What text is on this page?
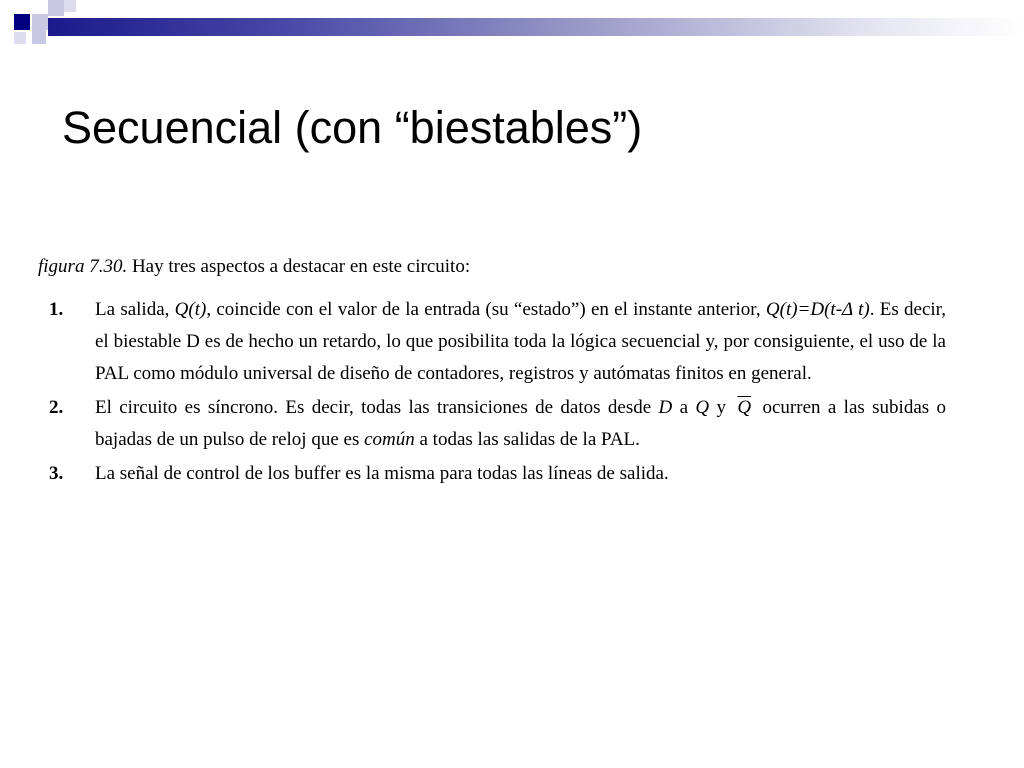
Secuencial (con “biestables”)

figura 7.30. Hay tres aspectos a destacar en este circuito:

1. La salida, Q(t), coincide con el valor de la entrada (su “estado”) en el instante anterior, Q(t)=D(t-Δ t). Es decir, el biestable D es de hecho un retardo, lo que posibilita toda la lógica secuencial y, por consiguiente, el uso de la PAL como módulo universal de diseño de contadores, registros y autómatas finitos en general.
2. El circuito es síncrono. Es decir, todas las transiciones de datos desde D a Q y $\overline{Q}$ ocurren a las subidas o bajadas de un pulso de reloj que es común a todas las salidas de la PAL.
3. La señal de control de los buffer es la misma para todas las líneas de salida.
